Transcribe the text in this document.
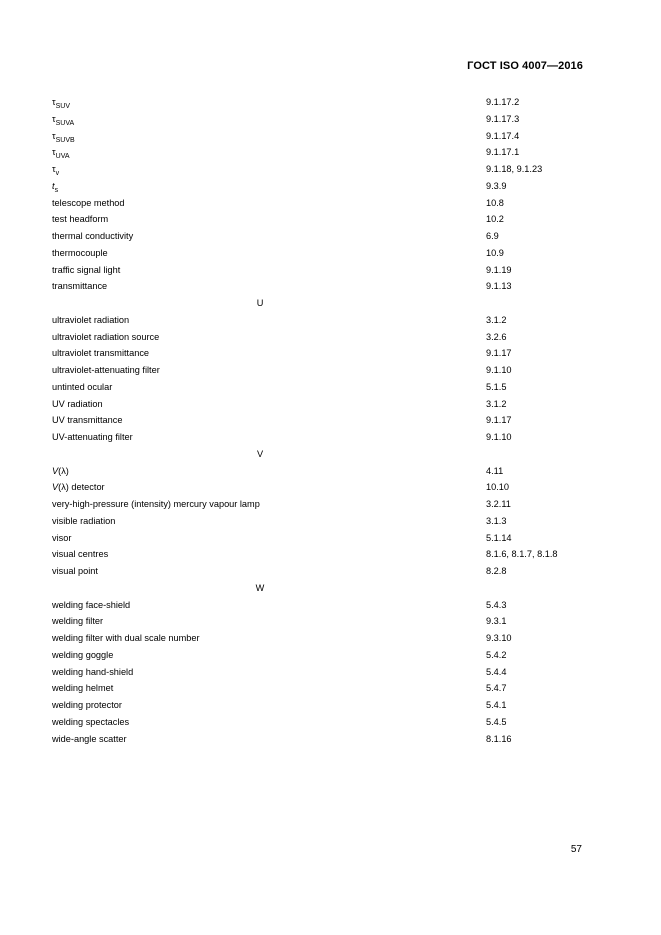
ГОСТ ISO 4007—2016
$\tau_{SUV}$	9.1.17.2
$\tau_{SUVA}$	9.1.17.3
$\tau_{SUVB}$	9.1.17.4
$\tau_{UVA}$	9.1.17.1
$\tau_v$	9.1.18, 9.1.23
$t_s$	9.3.9
telescope method	10.8
test headform	10.2
thermal conductivity	6.9
thermocouple	10.9
traffic signal light	9.1.19
transmittance	9.1.13
U
ultraviolet radiation	3.1.2
ultraviolet radiation source	3.2.6
ultraviolet transmittance	9.1.17
ultraviolet-attenuating filter	9.1.10
untinted ocular	5.1.5
UV radiation	3.1.2
UV transmittance	9.1.17
UV-attenuating filter	9.1.10
V
V(λ)	4.11
V(λ) detector	10.10
very-high-pressure (intensity) mercury vapour lamp	3.2.11
visible radiation	3.1.3
visor	5.1.14
visual centres	8.1.6, 8.1.7, 8.1.8
visual point	8.2.8
W
welding face-shield	5.4.3
welding filter	9.3.1
welding filter with dual scale number	9.3.10
welding goggle	5.4.2
welding hand-shield	5.4.4
welding helmet	5.4.7
welding protector	5.4.1
welding spectacles	5.4.5
wide-angle scatter	8.1.16
57
